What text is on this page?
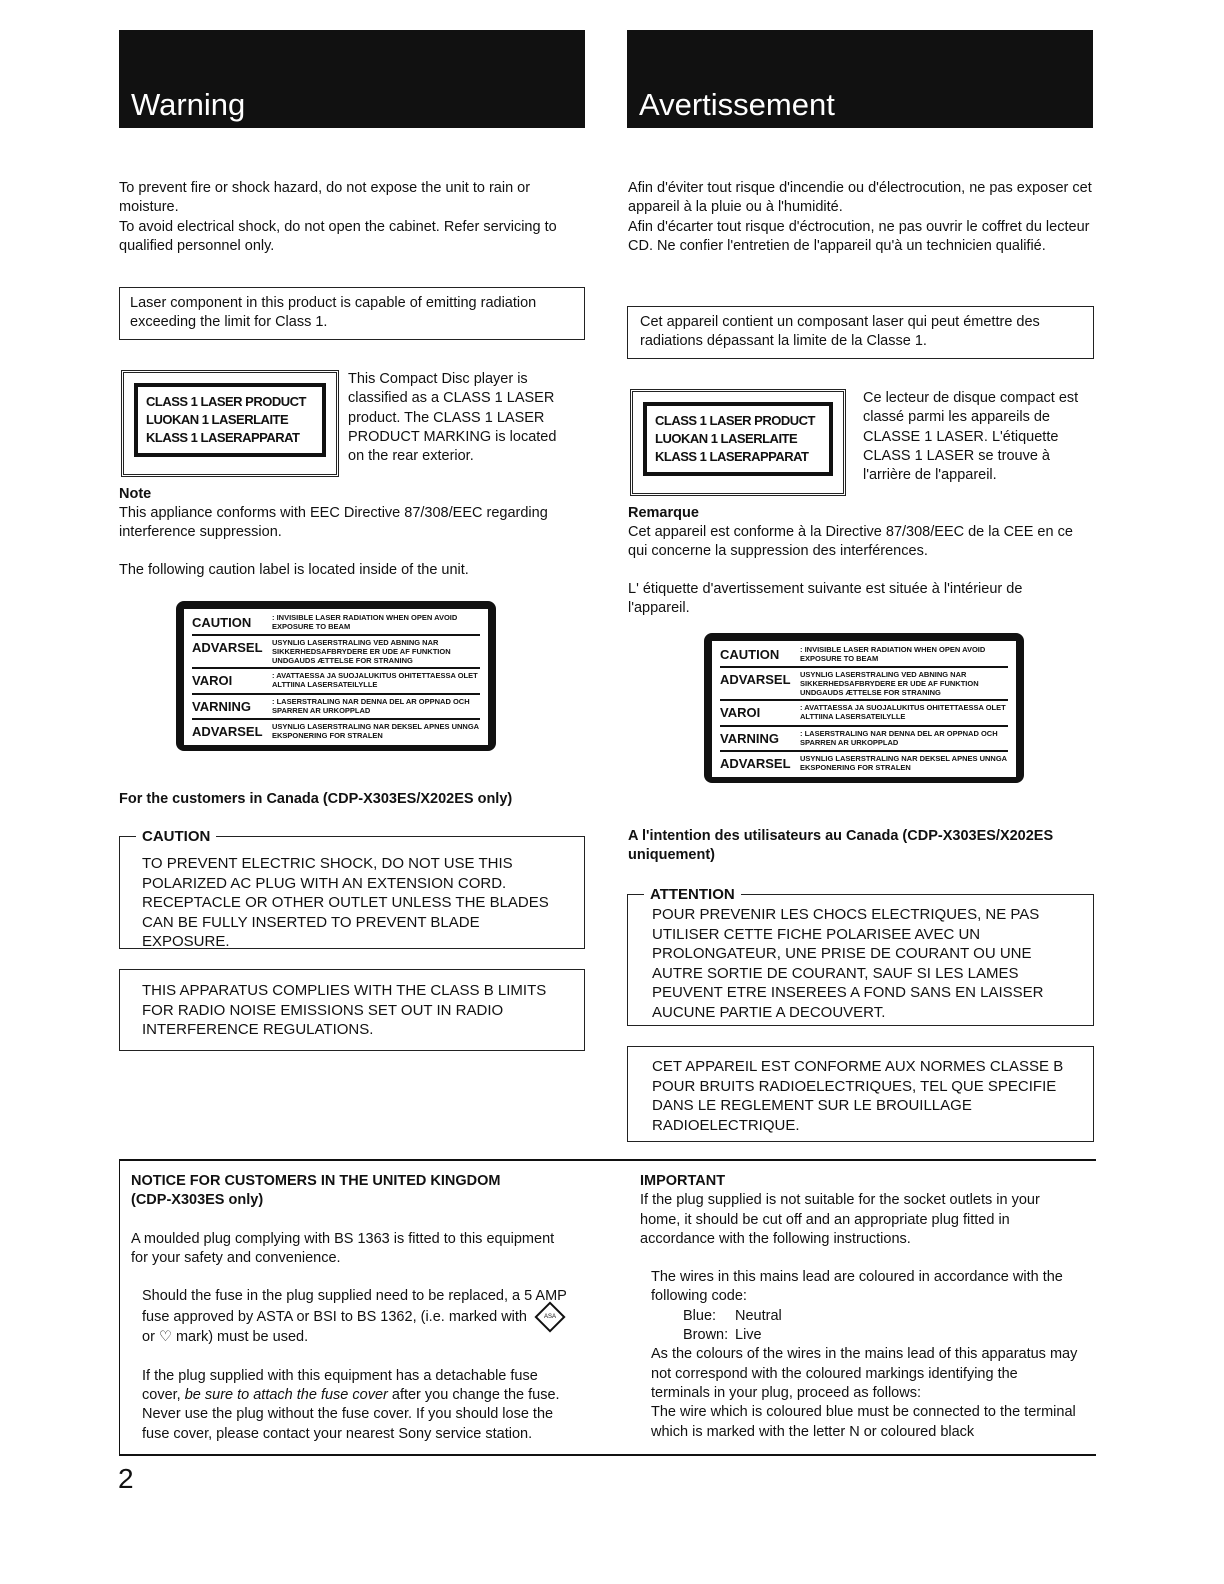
Warning
To prevent fire or shock hazard, do not expose the unit to rain or moisture.
To avoid electrical shock, do not open the cabinet. Refer servicing to qualified personnel only.
Laser component in this product is capable of emitting radiation exceeding the limit for Class 1.
CLASS 1 LASER PRODUCT
LUOKAN 1 LASERLAITE
KLASS 1 LASERAPPARAT
This Compact Disc player is classified as a CLASS 1 LASER product. The CLASS 1 LASER PRODUCT MARKING is located on the rear exterior.
Note
This appliance conforms with EEC Directive 87/308/EEC regarding interference suppression.
The following caution label is located inside of the unit.
CAUTION	: INVISIBLE LASER RADIATION WHEN OPEN AVOID EXPOSURE TO BEAM
ADVARSEL	USYNLIG LASERSTRALING VED ABNING NAR SIKKERHEDSAFBRYDERE ER UDE AF FUNKTION UNDGAUDS ÆTTELSE FOR STRANING
VAROI	: AVATTAESSA JA SUOJALUKITUS OHITETTAESSA OLET ALTTIINA LASERSATEILYLLE
VARNING	: LASERSTRALING NAR DENNA DEL AR OPPNAD OCH SPARREN AR URKOPPLAD
ADVARSEL	USYNLIG LASERSTRALING NAR DEKSEL APNES UNNGA EKSPONERING FOR STRALEN
For the customers in Canada (CDP-X303ES/X202ES only)
CAUTION
TO PREVENT ELECTRIC SHOCK, DO NOT USE THIS POLARIZED AC PLUG WITH AN EXTENSION CORD. RECEPTACLE OR OTHER OUTLET UNLESS THE BLADES CAN BE FULLY INSERTED TO PREVENT BLADE EXPOSURE.
THIS APPARATUS COMPLIES WITH THE CLASS B LIMITS FOR RADIO NOISE EMISSIONS SET OUT IN RADIO INTERFERENCE REGULATIONS.
Avertissement
Afin d'éviter tout risque d'incendie ou d'électrocution, ne pas exposer cet appareil à la pluie ou à l'humidité.
Afin d'écarter tout risque d'éctrocution, ne pas ouvrir le coffret du lecteur CD. Ne confier l'entretien de l'appareil qu'à un technicien qualifié.
Cet appareil contient un composant laser qui peut émettre des radiations dépassant la limite de la Classe 1.
CLASS 1 LASER PRODUCT
LUOKAN 1 LASERLAITE
KLASS 1 LASERAPPARAT
Ce lecteur de disque compact est classé parmi les appareils de CLASSE 1 LASER. L'étiquette CLASS 1 LASER se trouve à l'arrière de l'appareil.
Remarque
Cet appareil est conforme à la Directive 87/308/EEC de la CEE en ce qui concerne la suppression des interférences.
L' étiquette d'avertissement suivante est située à l'intérieur de l'appareil.
CAUTION	: INVISIBLE LASER RADIATION WHEN OPEN AVOID EXPOSURE TO BEAM
ADVARSEL	USYNLIG LASERSTRALING VED ABNING NAR SIKKERHEDSAFBRYDERE ER UDE AF FUNKTION UNDGAUDS ÆTTELSE FOR STRANING
VAROI	: AVATTAESSA JA SUOJALUKITUS OHITETTAESSA OLET ALTTIINA LASERSATEILYLLE
VARNING	: LASERSTRALING NAR DENNA DEL AR OPPNAD OCH SPARREN AR URKOPPLAD
ADVARSEL	USYNLIG LASERSTRALING NAR DEKSEL APNES UNNGA EKSPONERING FOR STRALEN
A l'intention des utilisateurs au Canada (CDP-X303ES/X202ES uniquement)
ATTENTION
POUR PREVENIR LES CHOCS ELECTRIQUES, NE PAS UTILISER CETTE FICHE POLARISEE AVEC UN PROLONGATEUR, UNE PRISE DE COURANT OU UNE AUTRE SORTIE DE COURANT, SAUF SI LES LAMES PEUVENT ETRE INSEREES A FOND SANS EN LAISSER AUCUNE PARTIE A DECOUVERT.
CET APPAREIL EST CONFORME AUX NORMES CLASSE B POUR BRUITS RADIOELECTRIQUES, TEL QUE SPECIFIE DANS LE REGLEMENT SUR LE BROUILLAGE RADIOELECTRIQUE.
NOTICE FOR CUSTOMERS IN THE UNITED KINGDOM
(CDP-X303ES only)
A moulded plug complying with BS 1363 is fitted to this equipment for your safety and convenience.
Should the fuse in the plug supplied need to be replaced, a 5 AMP fuse approved by ASTA or BSI to BS 1362, (i.e. marked with	ASA or ♡ mark) must be used.
If the plug supplied with this equipment has a detachable fuse cover, be sure to attach the fuse cover after you change the fuse. Never use the plug without the fuse cover. If you should lose the fuse cover, please contact your nearest Sony service station.
IMPORTANT
If the plug supplied is not suitable for the socket outlets in your home, it should be cut off and an appropriate plug fitted in accordance with the following instructions.
The wires in this mains lead are coloured in accordance with the following code:
Blue: Neutral
Brown: Live
As the colours of the wires in the mains lead of this apparatus may not correspond with the coloured markings identifying the terminals in your plug, proceed as follows:
The wire which is coloured blue must be connected to the terminal which is marked with the letter N or coloured black
2
